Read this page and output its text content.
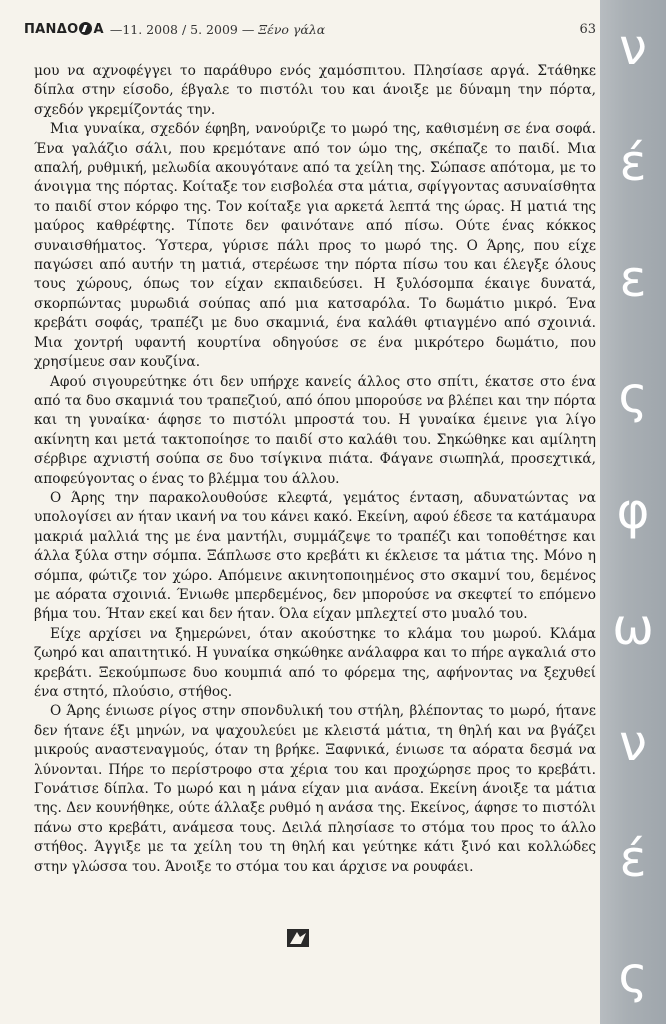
ΠΑΝΔΟ Α —11. 2008 / 5. 2009 — Ξένο γάλα	63

μου να αχνοφέγγει το παράθυρο ενός χαμόσπιτου. Πλησίασε αργά. Στάθηκε δίπλα στην είσοδο, έβγαλε το πιστόλι του και άνοιξε με δύναμη την πόρτα, σχεδόν γκρεμίζοντάς την.

Μια γυναίκα, σχεδόν έφηβη, νανούριζε το μωρό της, καθισμένη σε ένα σοφά. Ένα γαλάζιο σάλι, που κρεμότανε από τον ώμο της, σκέπαζε το παιδί. Μια απαλή, ρυθμική, μελωδία ακουγότανε από τα χείλη της. Σώπασε απότομα, με το άνοιγμα της πόρτας. Κοίταξε τον εισβολέα στα μάτια, σφίγγοντας ασυναίσθητα το παιδί στον κόρφο της. Τον κοίταξε για αρκετά λεπτά της ώρας. Η ματιά της μαύρος καθρέφτης. Τίποτε δεν φαινότανε από πίσω. Ούτε ένας κόκκος συναισθήματος. Ύστερα, γύρισε πάλι προς το μωρό της. Ο Άρης, που είχε παγώσει από αυτήν τη ματιά, στερέωσε την πόρτα πίσω του και έλεγξε όλους τους χώρους, όπως τον είχαν εκπαιδεύσει. Η ξυλόσομπα έκαιγε δυνατά, σκορπώντας μυρωδιά σούπας από μια κατσαρόλα. Το δωμάτιο μικρό. Ένα κρεβάτι σοφάς, τραπέζι με δυο σκαμνιά, ένα καλάθι φτιαγμένο από σχοινιά. Μια χοντρή υφαντή κουρτίνα οδηγούσε σε ένα μικρότερο δωμάτιο, που χρησίμευε σαν κουζίνα.

Αφού σιγουρεύτηκε ότι δεν υπήρχε κανείς άλλος στο σπίτι, έκατσε στο ένα από τα δυο σκαμνιά του τραπεζιού, από όπου μπορούσε να βλέπει και την πόρτα και τη γυναίκα· άφησε το πιστόλι μπροστά του. Η γυναίκα έμεινε για λίγο ακίνητη και μετά τακτοποίησε το παιδί στο καλάθι του. Σηκώθηκε και αμίλητη σέρβιρε αχνιστή σούπα σε δυο τσίγκινα πιάτα. Φάγανε σιωπηλά, προσεχτικά, αποφεύγοντας ο ένας το βλέμμα του άλλου.

Ο Άρης την παρακολουθούσε κλεφτά, γεμάτος ένταση, αδυνατώντας να υπολογίσει αν ήταν ικανή να του κάνει κακό. Εκείνη, αφού έδεσε τα κατάμαυρα μακριά μαλλιά της με ένα μαντήλι, συμμάζεψε το τραπέζι και τοποθέτησε και άλλα ξύλα στην σόμπα. Ξάπλωσε στο κρεβάτι κι έκλεισε τα μάτια της. Μόνο η σόμπα, φώτιζε τον χώρο. Απόμεινε ακινητοποιημένος στο σκαμνί του, δεμένος με αόρατα σχοινιά. Ένιωθε μπερδεμένος, δεν μπορούσε να σκεφτεί το επόμενο βήμα του. Ήταν εκεί και δεν ήταν. Όλα είχαν μπλεχτεί στο μυαλό του.

Είχε αρχίσει να ξημερώνει, όταν ακούστηκε το κλάμα του μωρού. Κλάμα ζωηρό και απαιτητικό. Η γυναίκα σηκώθηκε ανάλαφρα και το πήρε αγκαλιά στο κρεβάτι. Ξεκούμπωσε δυο κουμπιά από το φόρεμα της, αφήνοντας να ξεχυθεί ένα στητό, πλούσιο, στήθος.

Ο Άρης ένιωσε ρίγος στην σπονδυλική του στήλη, βλέποντας το μωρό, ήτανε δεν ήτανε έξι μηνών, να ψαχουλεύει με κλειστά μάτια, τη θηλή και να βγάζει μικρούς αναστεναγμούς, όταν τη βρήκε. Ξαφνικά, ένιωσε τα αόρατα δεσμά να λύνονται. Πήρε το περίστροφο στα χέρια του και προχώρησε προς το κρεβάτι. Γονάτισε δίπλα. Το μωρό και η μάνα είχαν μια ανάσα. Εκείνη άνοιξε τα μάτια της. Δεν κουνήθηκε, ούτε άλλαξε ρυθμό η ανάσα της. Εκείνος, άφησε το πιστόλι πάνω στο κρεβάτι, ανάμεσα τους. Δειλά πλησίασε το στόμα του προς το άλλο στήθος. Άγγιξε με τα χείλη του τη θηλή και γεύτηκε κάτι ξινό και κολλώδες στην γλώσσα του. Άνοιξε το στόμα του και άρχισε να ρουφάει.

ν
έ
ε
ς
φ
ω
ν
έ
ς
